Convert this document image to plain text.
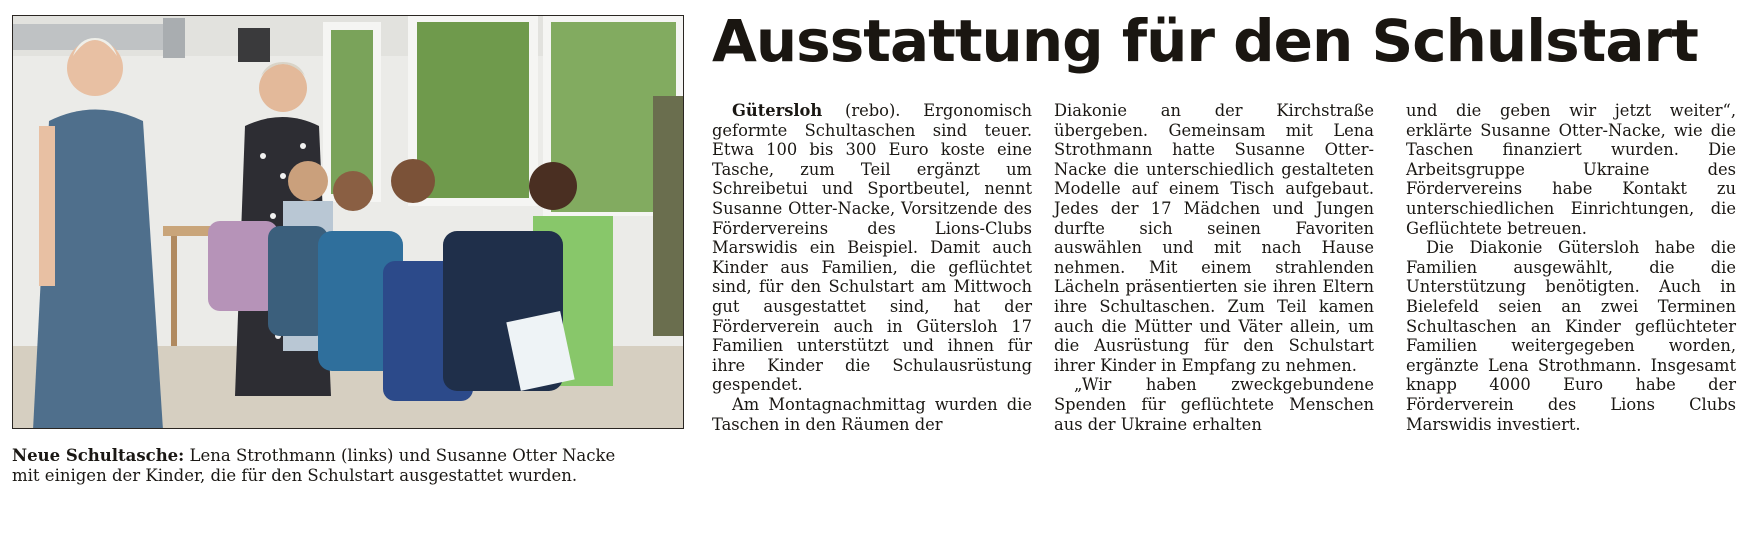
Neue Schultasche: Lena Strothmann (links) und Susanne Otter Nacke
mit einigen der Kinder, die für den Schulstart ausgestattet wurden.
Ausstattung für den Schulstart

Gütersloh (rebo). Ergonomisch geformte Schultaschen sind teuer. Etwa 100 bis 300 Euro koste eine Tasche, zum Teil ergänzt um Schreibetui und Sportbeutel, nennt Susanne Otter-Nacke, Vorsitzende des Fördervereins des Lions-Clubs Marswidis ein Beispiel. Damit auch Kinder aus Familien, die geflüchtet sind, für den Schulstart am Mittwoch gut ausgestattet sind, hat der Förderverein auch in Gütersloh 17 Familien unterstützt und ihnen für ihre Kinder die Schulausrüstung gespendet.

Am Montagnachmittag wurden die Taschen in den Räumen der

Diakonie an der Kirchstraße übergeben. Gemeinsam mit Lena Strothmann hatte Susanne Otter-Nacke die unterschiedlich gestalteten Modelle auf einem Tisch aufgebaut. Jedes der 17 Mädchen und Jungen durfte sich seinen Favoriten auswählen und mit nach Hause nehmen. Mit einem strahlenden Lächeln präsentierten sie ihren Eltern ihre Schultaschen. Zum Teil kamen auch die Mütter und Väter allein, um die Ausrüstung für den Schulstart ihrer Kinder in Empfang zu nehmen.

„Wir haben zweckgebundene Spenden für geflüchtete Menschen aus der Ukraine erhalten

und die geben wir jetzt weiter“, erklärte Susanne Otter-Nacke, wie die Taschen finanziert wurden. Die Arbeitsgruppe Ukraine des Fördervereins habe Kontakt zu unterschiedlichen Einrichtungen, die Geflüchtete betreuen.

Die Diakonie Gütersloh habe die Familien ausgewählt, die die Unterstützung benötigten. Auch in Bielefeld seien an zwei Terminen Schultaschen an Kinder geflüchteter Familien weitergegeben worden, ergänzte Lena Strothmann. Insgesamt knapp 4000 Euro habe der Förderverein des Lions Clubs Marswidis investiert.
